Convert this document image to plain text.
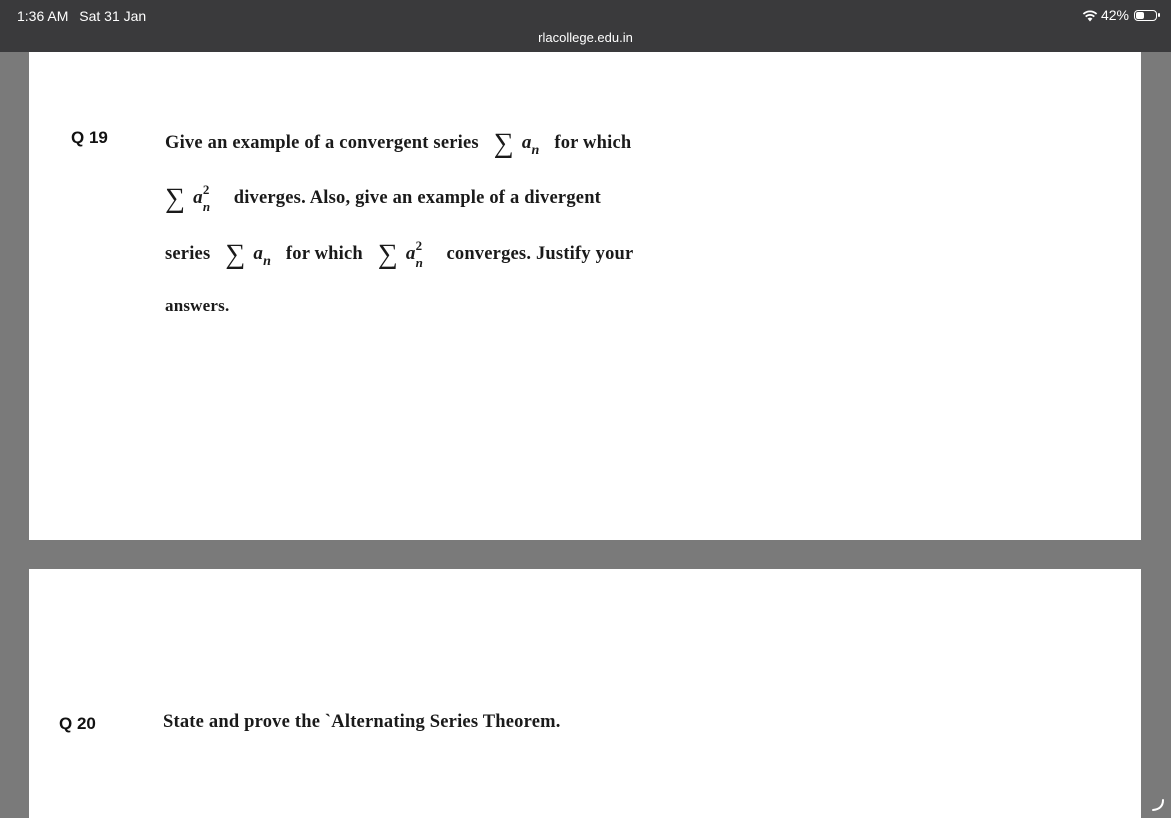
1:36 AM Sat 31 Jan
rlacollege.edu.in
42%
Q 19	Give an example of a convergent series ∑ $a_n$ for which
∑ a 2
n diverges. Also, give an example of a divergent
series ∑ $a_n$ for which ∑ a 2
n converges. Justify your
answers.
Q 20	State and prove the `Alternating Series Theorem.
